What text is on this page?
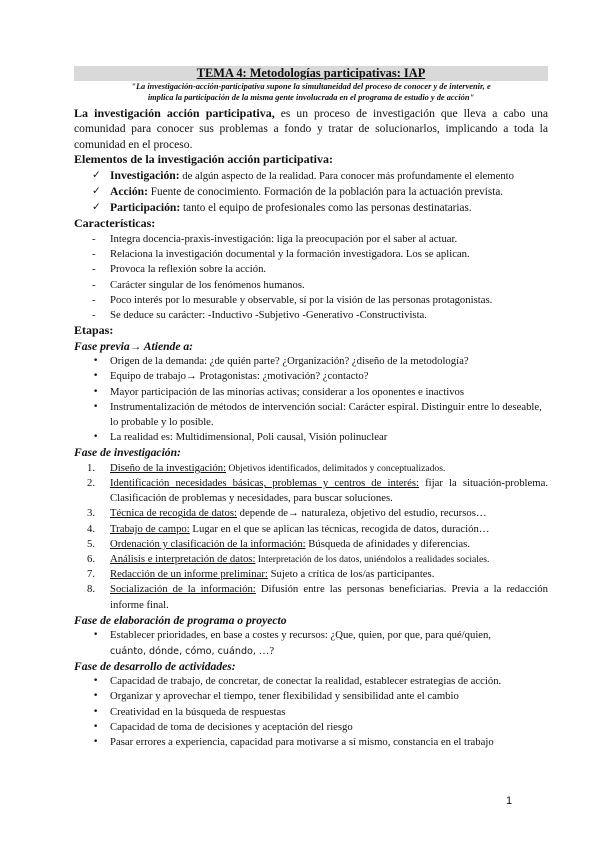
TEMA 4: Metodologías participativas: IAP
"La investigación-acción-participativa supone la simultaneidad del proceso de conocer y de intervenir, e
implica la participación de la misma gente involucrada en el programa de estudio y de acción"
La investigación acción participativa, es un proceso de investigación que lleva a cabo una comunidad para conocer sus problemas a fondo y tratar de solucionarlos, implicando a toda la comunidad en el proceso.
Elementos de la investigación acción participativa:
✓ Investigación: de algún aspecto de la realidad. Para conocer más profundamente el elemento
✓ Acción: Fuente de conocimiento. Formación de la población para la actuación prevista.
✓ Participación: tanto el equipo de profesionales como las personas destinatarias.
Características:
- Integra docencia-praxis-investigación: liga la preocupación por el saber al actuar.
- Relaciona la investigación documental y la formación investigadora. Los se aplican.
- Provoca la reflexión sobre la acción.
- Carácter singular de los fenómenos humanos.
- Poco interés por lo mesurable y observable, sí por la visión de las personas protagonistas.
- Se deduce su carácter: -Inductivo -Subjetivo -Generativo -Constructivista.
Etapas:
Fase previa→ Atiende a:
• Origen de la demanda: ¿de quién parte? ¿Organización? ¿diseño de la metodología?
• Equipo de trabajo→ Protagonistas: ¿motivación? ¿contacto?
• Mayor participación de las minorías activas; considerar a los oponentes e inactivos
• Instrumentalización de métodos de intervención social: Carácter espiral. Distinguir entre lo deseable, lo probable y lo posible.
• La realidad es: Multidimensional, Poli causal, Visión polinuclear
Fase de investigación:
1. Diseño de la investigación: Objetivos identificados, delimitados y conceptualizados.
2. Identificación necesidades básicas, problemas y centros de interés: fijar la situación-problema. Clasificación de problemas y necesidades, para buscar soluciones.
3. Técnica de recogida de datos: depende de→ naturaleza, objetivo del estudio, recursos…
4. Trabajo de campo: Lugar en el que se aplican las técnicas, recogida de datos, duración…
5. Ordenación y clasificación de la información: Búsqueda de afinidades y diferencias.
6. Análisis e interpretación de datos: Interpretación de los datos, uniéndolos a realidades sociales.
7. Redacción de un informe preliminar: Sujeto a crítica de los/as participantes.
8. Socialización de la información: Difusión entre las personas beneficiarias. Previa a la redacción informe final.
Fase de elaboración de programa o proyecto
• Establecer prioridades, en base a costes y recursos: ¿Que, quien, por que, para qué/quien,
cuánto, dónde, cómo, cuándo, …?
Fase de desarrollo de actividades:
• Capacidad de trabajo, de concretar, de conectar la realidad, establecer estrategias de acción.
• Organizar y aprovechar el tiempo, tener flexibilidad y sensibilidad ante el cambio
• Creatividad en la búsqueda de respuestas
• Capacidad de toma de decisiones y aceptación del riesgo
• Pasar errores a experiencia, capacidad para motivarse a sí mismo, constancia en el trabajo
1
